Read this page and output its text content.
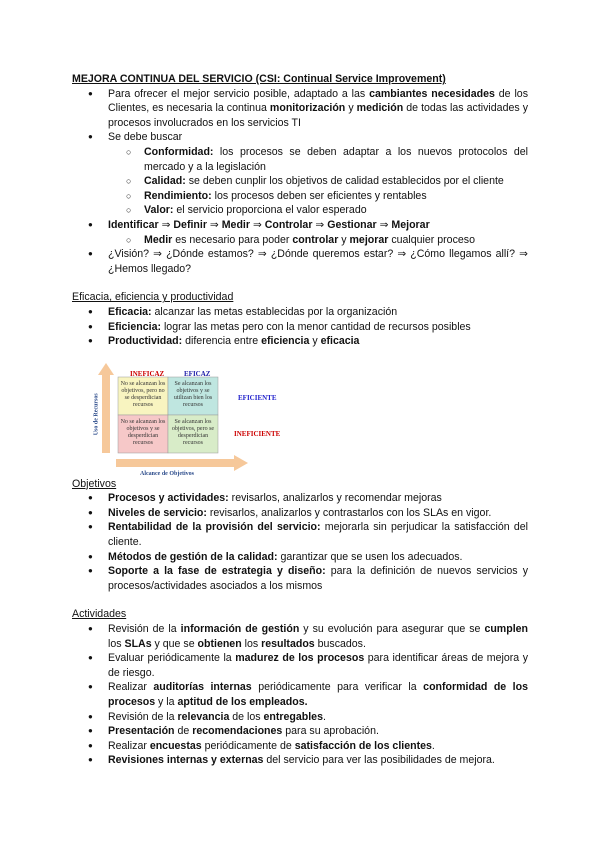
MEJORA CONTINUA DEL SERVICIO (CSI: Continual Service Improvement)

● Para ofrecer el mejor servicio posible, adaptado a las cambiantes necesidades de los Clientes, es necesaria la continua monitorización y medición de todas las actividades y procesos involucrados en los servicios TI
● Se debe buscar
○ Conformidad: los procesos se deben adaptar a los nuevos protocolos del mercado y a la legislación
○ Calidad: se deben cunplir los objetivos de calidad establecidos por el cliente
○ Rendimiento: los procesos deben ser eficientes y rentables
○ Valor: el servicio proporciona el valor esperado
● Identificar ⇒ Definir ⇒ Medir ⇒ Controlar ⇒ Gestionar ⇒ Mejorar
○ Medir es necesario para poder controlar y mejorar cualquier proceso
● ¿Visión? ⇒ ¿Dónde estamos? ⇒ ¿Dónde queremos estar? ⇒ ¿Cómo llegamos allí? ⇒ ¿Hemos llegado?

Eficacia, eficiencia y productividad

● Eficacia: alcanzar las metas establecidas por la organización
● Eficiencia: lograr las metas pero con la menor cantidad de recursos posibles
● Productividad: diferencia entre eficiencia y eficacia
INEFICAZ	EFICAZ
EFICIENTE
INEFICIENTE
Uso de Recursos
Alcance de Objetivos
No se alcanzan los objetivos, pero no se desperdician recursos
Se alcanzan los objetivos y se utilizan bien los recursos
No se alcanzan los objetivos y se desperdician recursos
Se alcanzan los objetivos, pero se desperdician recursos

Objetivos

● Procesos y actividades: revisarlos, analizarlos y recomendar mejoras
● Niveles de servicio: revisarlos, analizarlos y contrastarlos con los SLAs en vigor.
● Rentabilidad de la provisión del servicio: mejorarla sin perjudicar la satisfacción del cliente.
● Métodos de gestión de la calidad: garantizar que se usen los adecuados.
● Soporte a la fase de estrategia y diseño: para la definición de nuevos servicios y procesos/actividades asociados a los mismos

Actividades

● Revisión de la información de gestión y su evolución para asegurar que se cumplen los SLAs y que se obtienen los resultados buscados.
● Evaluar periódicamente la madurez de los procesos para identificar áreas de mejora y de riesgo.
● Realizar auditorías internas periódicamente para verificar la conformidad de los procesos y la aptitud de los empleados.
● Revisión de la relevancia de los entregables.
● Presentación de recomendaciones para su aprobación.
● Realizar encuestas periódicamente de satisfacción de los clientes.
● Revisiones internas y externas del servicio para ver las posibilidades de mejora.
